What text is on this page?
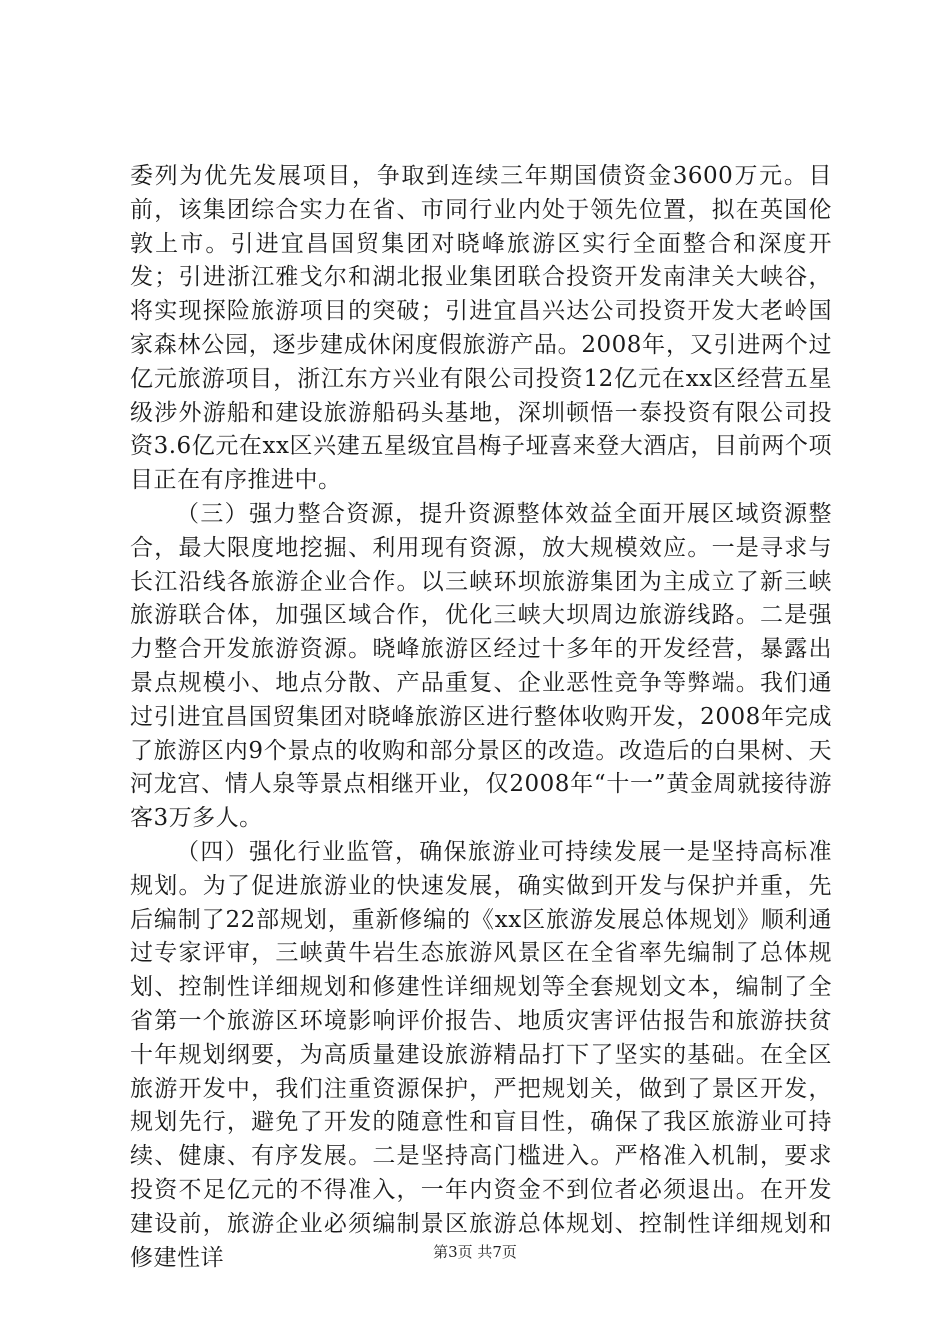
委列为优先发展项目，争取到连续三年期国债资金3600万元。目前，该集团综合实力在省、市同行业内处于领先位置，拟在英国伦敦上市。引进宜昌国贸集团对晓峰旅游区实行全面整合和深度开发；引进浙江雅戈尔和湖北报业集团联合投资开发南津关大峡谷，将实现探险旅游项目的突破；引进宜昌兴达公司投资开发大老岭国家森林公园，逐步建成休闲度假旅游产品。2008年，又引进两个过亿元旅游项目，浙江东方兴业有限公司投资12亿元在xx区经营五星级涉外游船和建设旅游船码头基地，深圳顿悟一泰投资有限公司投资3.6亿元在xx区兴建五星级宜昌梅子垭喜来登大酒店，目前两个项目正在有序推进中。

（三）强力整合资源，提升资源整体效益全面开展区域资源整合，最大限度地挖掘、利用现有资源，放大规模效应。一是寻求与长江沿线各旅游企业合作。以三峡环坝旅游集团为主成立了新三峡旅游联合体，加强区域合作，优化三峡大坝周边旅游线路。二是强力整合开发旅游资源。晓峰旅游区经过十多年的开发经营，暴露出景点规模小、地点分散、产品重复、企业恶性竞争等弊端。我们通过引进宜昌国贸集团对晓峰旅游区进行整体收购开发，2008年完成了旅游区内9个景点的收购和部分景区的改造。改造后的白果树、天河龙宫、情人泉等景点相继开业，仅2008年“十一”黄金周就接待游客3万多人。

（四）强化行业监管，确保旅游业可持续发展一是坚持高标准规划。为了促进旅游业的快速发展，确实做到开发与保护并重，先后编制了22部规划，重新修编的《xx区旅游发展总体规划》顺利通过专家评审，三峡黄牛岩生态旅游风景区在全省率先编制了总体规划、控制性详细规划和修建性详细规划等全套规划文本，编制了全省第一个旅游区环境影响评价报告、地质灾害评估报告和旅游扶贫十年规划纲要，为高质量建设旅游精品打下了坚实的基础。在全区旅游开发中，我们注重资源保护，严把规划关，做到了景区开发，规划先行，避免了开发的随意性和盲目性，确保了我区旅游业可持续、健康、有序发展。二是坚持高门槛进入。严格准入机制，要求投资不足亿元的不得准入，一年内资金不到位者必须退出。在开发建设前，旅游企业必须编制景区旅游总体规划、控制性详细规划和修建性详	第3页 共7页
